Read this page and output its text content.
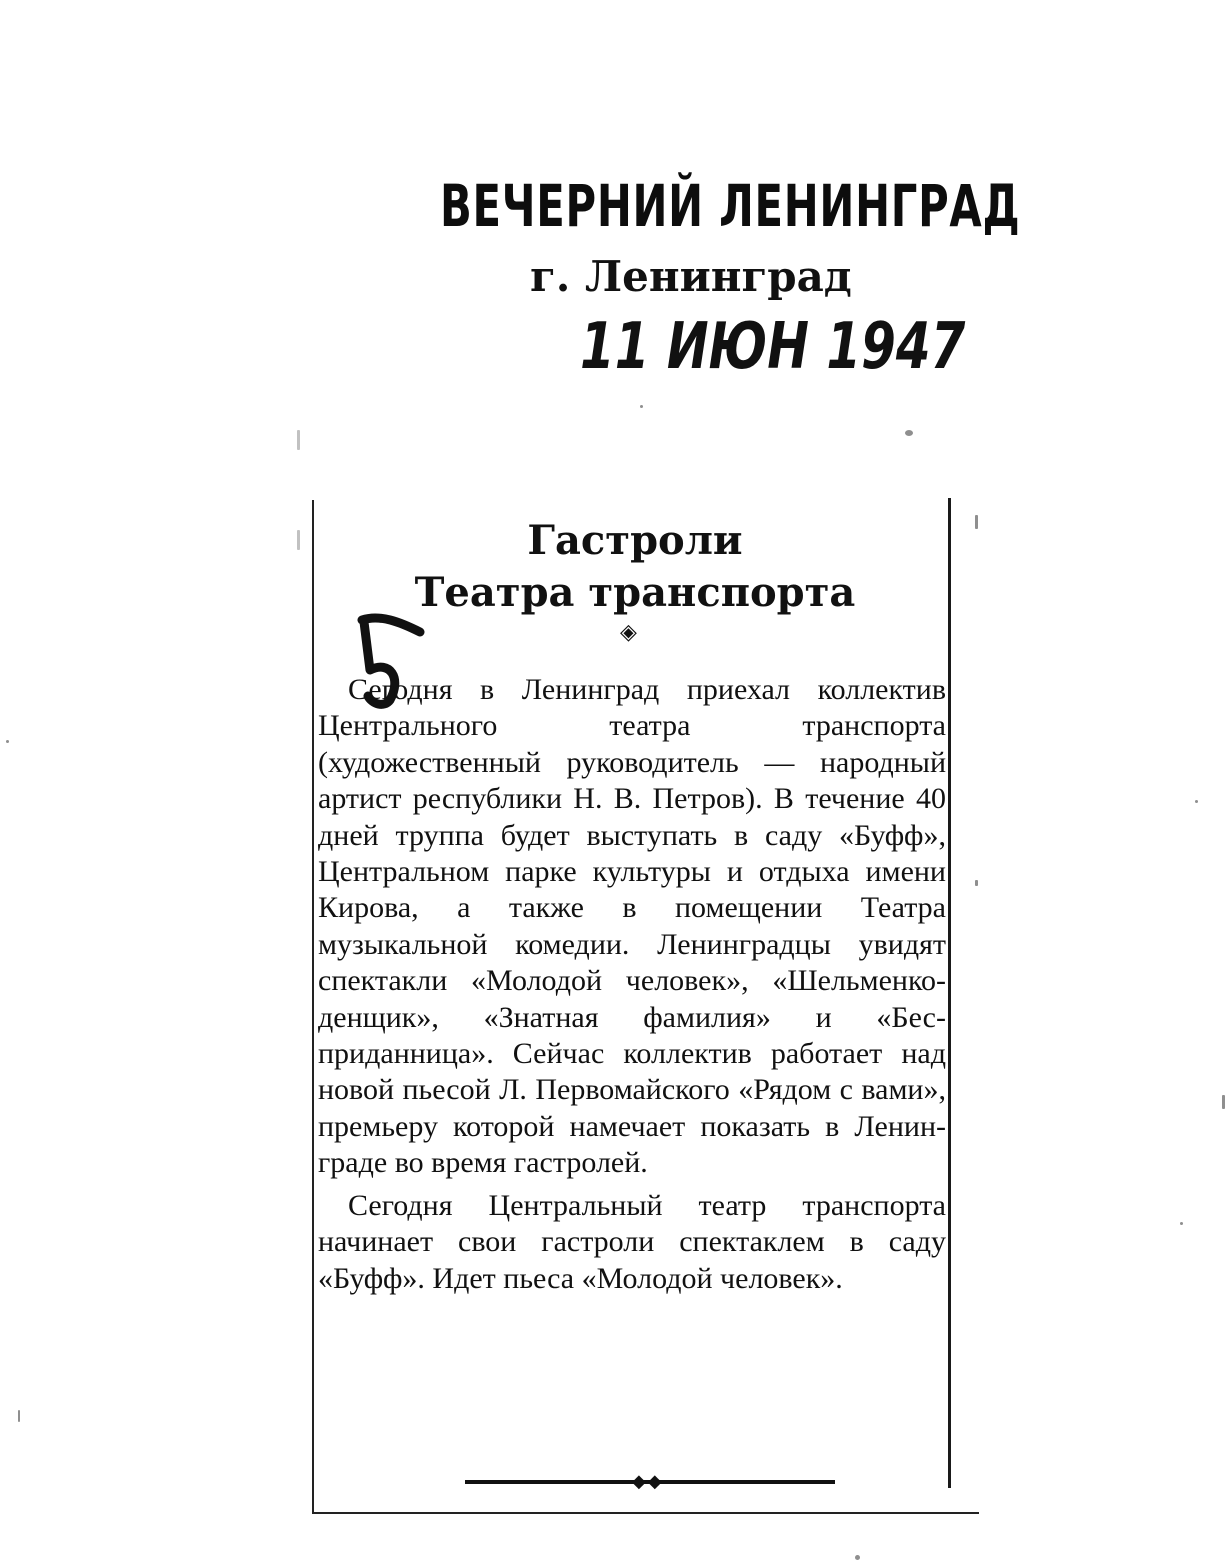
ВЕЧЕРНИЙ ЛЕНИНГРАД
г. Ленинград
11 ИЮН 1947
Гастроли
Театра транспорта
◈

Сегодня в Ленинград приехал коллектив Центрального театра транспорта (художественный руководитель — народный артист республики Н. В. Петров). В течение 40 дней труппа будет выступать в саду «Буфф», Центральном парке культуры и отдыха имени Кирова, а также в помещении Театра музыкальной комедии. Ленинградцы увидят спектакли «Молодой человек», «Шельменко-денщик», «Знатная фамилия» и «Бесприданница». Сейчас коллектив работает над новой пьесой Л. Первомайского «Рядом с вами», премьеру которой намечает показать в Ленинграде во время гастролей.

Сегодня Центральный театр транспорта начинает свои гастроли спектаклем в саду «Буфф». Идет пьеса «Молодой человек».

◆◆
